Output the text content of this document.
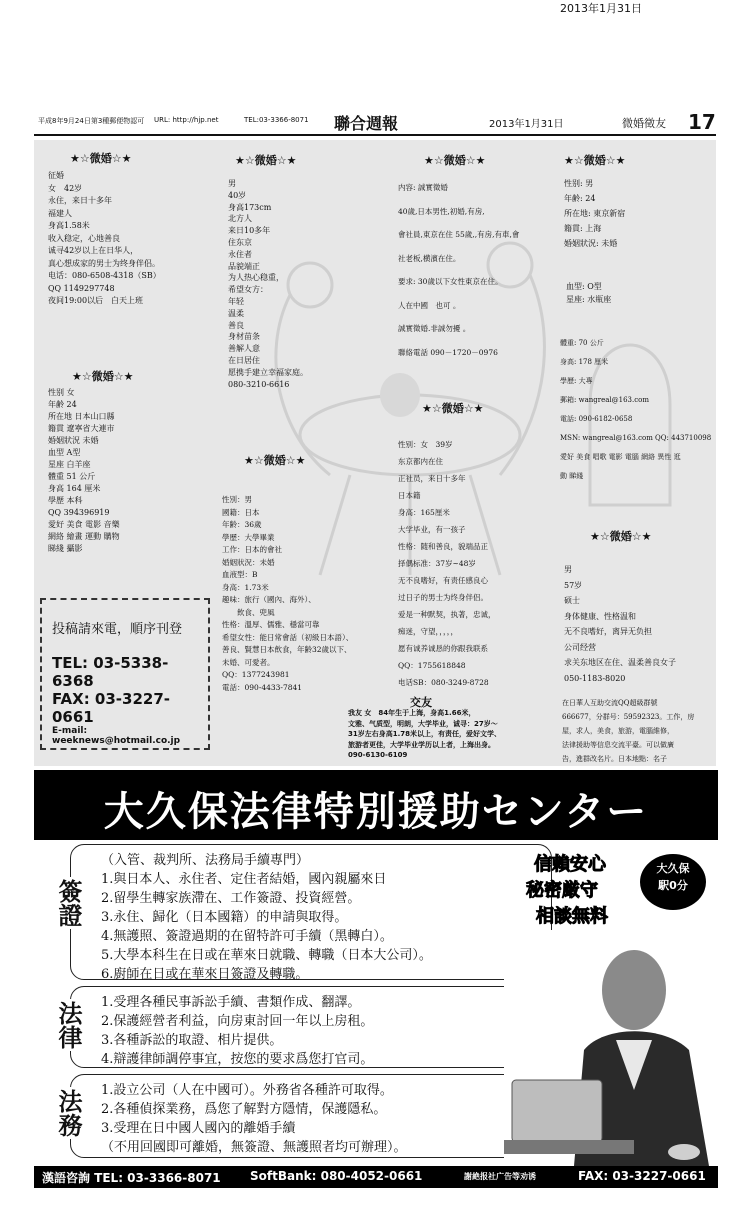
2013年1月31日
平成8年9月24日第3種郵便物認可 URL: http://hjp.net	TEL:03-3366-8071 聯合週報	2013年1月31日	微婚徵友 17
★☆微婚☆★
征婚
女　42岁
永住，来日十多年
福建人
身高1.58米
收入稳定，心地善良
诚寻42岁以上在日华人，
真心想成家的男士为终身伴侣。
电话：080-6508-4318（SB）
QQ 1149297748
夜间19:00以后　白天上班
★☆微婚☆★
性别 女
年齢 24
所在地 日本山口縣
籍貫 遼寧省大連市
婚姻狀況 未婚
血型 A型
星座 白羊座
體重 51 公斤
身高 164 厘米
學歷 本科
QQ 394396919
愛好 美食 電影 音樂
網絡 繪畫 運動 購物
睇綫 攝影
★☆微婚☆★
男
40岁
身高173cm
北方人
来日10多年
住东京
永住者
品貌端正
为人热心稳重，
希望女方：
年轻
温柔
善良
身材苗条
善解人意
在日居住
愿携手建立幸福家庭。
080-3210-6616
★☆微婚☆★
性別：男
國籍：日本
年齢：36歲
學歷：大學畢業
工作：日本的會社
婚姻狀況：未婚
血液型：B
身高：1.73米
趣味：旅行（國內、海外）、
　　飲食、兜風
性格：溫厚、儒雅、穩當可靠
希望女性：能日常會話（初級日本語）、
善良、賢慧日本飲食，年齢32歲以下、
未婚、可愛者。
QQ：1377243981
電話：090-4433-7841
★☆微婚☆★
内容: 誠實徵婚
40歲,日本男性,初婚,有房,
會社員,東京在住 55歲,,有房,有車,會
社老板,横濱在住。
要求: 30歲以下女性東京在住。
人在中國　也可 。
誠實徵婚.非誠勿擾 。
聯絡電話 090－1720－0976
★☆微婚☆★
性别：女　39岁
东京都内在住
正社员，来日十多年
日本籍
身高：165厘米
大学毕业，有一孩子
性格：随和善良，貌端品正
择偶标准：37岁~48岁
无不良嗜好，有责任感良心
过日子的男士为终身伴侣。
爱是一种默契，执著，忠诚，
痴迷，守望，，，，，
愿有诚养诚恳的你跟我联系
QQ：1755618848
电话SB：080-3249-8728
交友
我友 女　84年生于上海，身高1.66米，
文雅、气质型，明朗，大学毕业，诚寻：27岁～
31岁左右身高1.78米以上，有责任，爱好文学、
旅游者更佳，大学毕业学历以上者，上海出身。
090-6130-6109
★☆微婚☆★
性别: 男
年齢: 24
所在地: 東京新宿
籍貫: 上海
婚姻狀況: 未婚
血型: O型
星座: 水瓶座
體重: 70 公斤
身高: 178 厘米
學歷: 大專
郵箱: wangreal@163.com
電話: 090-6182-0658
MSN: wangreal@163.com QQ: 443710098
愛好 美食 唱歌 電影 電腦 網絡 異性 逛
動 睇綫
★☆微婚☆★
男
57岁
硕士
身体健康、性格温和
无不良嗜好，离异无负担
公司经营
求关东地区在住、温柔善良女子
050-1183-8020
在日華人互助交流QQ超級群號
666677，分群号：59592323。工作，房
屋，求人，美食，旅游，電腦維修，
法律援助等信息交流平臺。可以做廣
告，進群改名片。日本地點：名子
投稿請來電，順序刊登
TEL: 03-5338-6368
FAX: 03-3227-0661
E-mail: weeknews@hotmail.co.jp
大久保法律特別援助センター
簽證
（入管、裁判所、法務局手續專門）
1.與日本人、永住者、定住者結婚，國內親屬來日
2.留學生轉家族滯在、工作簽證、投資經營。
3.永住、歸化（日本國籍）的申請與取得。
4.無護照、簽證過期的在留特許可手續（黑轉白）。
5.大學本科生在日或在華來日就職、轉職（日本大公司）。
6.廚師在日或在華來日簽證及轉職。
法律 1.受理各種民事訴訟手續、書類作成、翻譯。
2.保護經營者利益，向房東討回一年以上房租。
3.各種訴訟的取證、相片提供。
4.辯護律師調停事宜，按您的要求爲您打官司。
法務 1.設立公司（人在中國可）。外務省各種許可取得。
2.各種偵探業務，爲您了解對方隱情，保護隱私。
3.受理在日中國人國內的離婚手續
（不用回國即可離婚，無簽證、無護照者均可辦理）。
信賴安心
秘密厳守
相談無料
大久保
駅0分
漢語咨詢 TEL: 03-3366-8071 SoftBank: 080-4052-0661	謝絶报社广告等劝诱	FAX: 03-3227-0661
